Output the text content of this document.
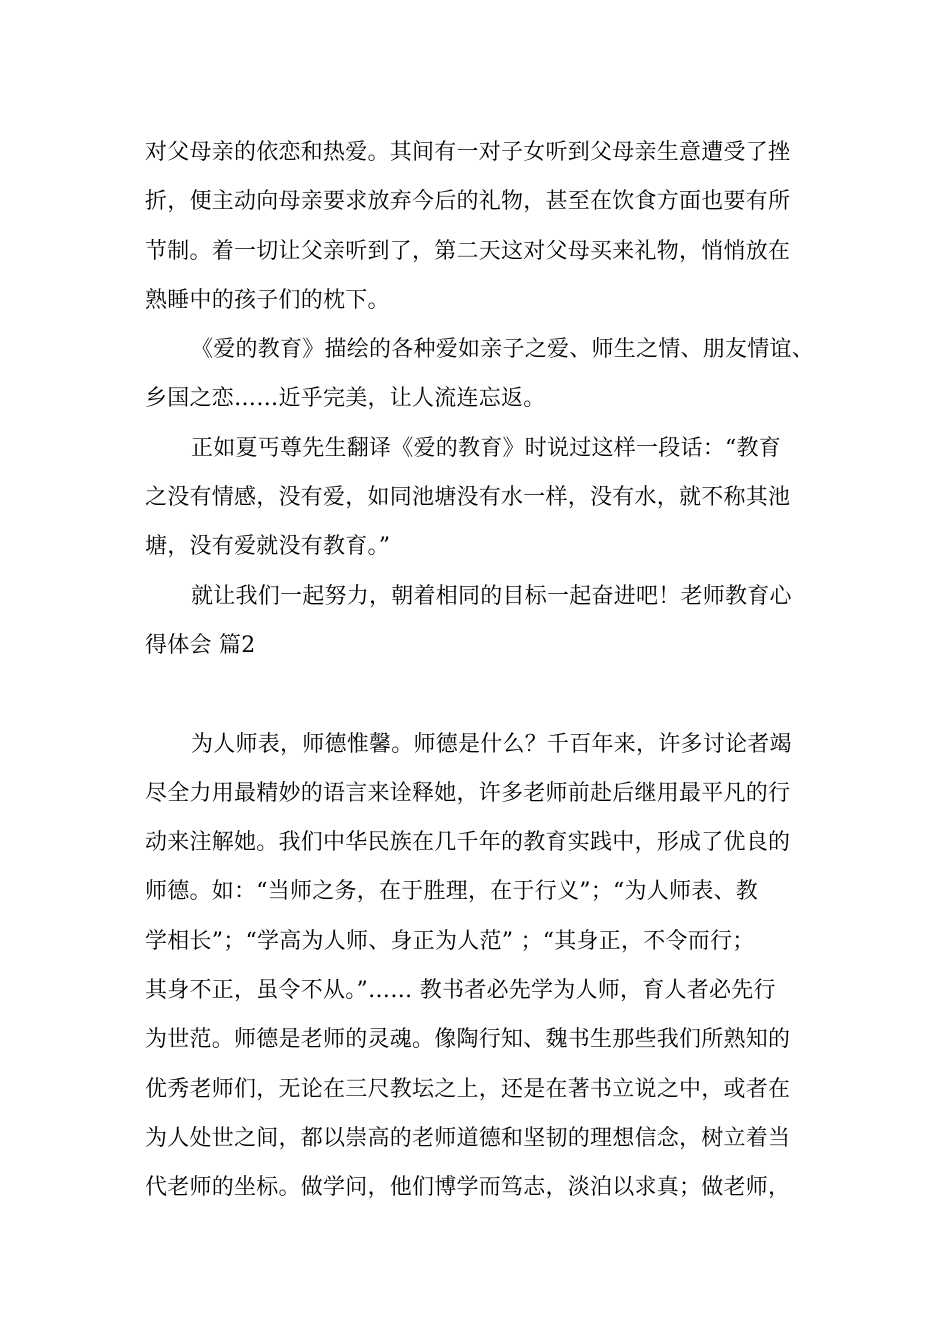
对父母亲的依恋和热爱。其间有一对子女听到父母亲生意遭受了挫
折，便主动向母亲要求放弃今后的礼物，甚至在饮食方面也要有所
节制。着一切让父亲听到了，第二天这对父母买来礼物，悄悄放在
熟睡中的孩子们的枕下。
《爱的教育》描绘的各种爱如亲子之爱、师生之情、朋友情谊、
乡国之恋……近乎完美，让人流连忘返。
正如夏丐尊先生翻译《爱的教育》时说过这样一段话：“教育
之没有情感，没有爱，如同池塘没有水一样，没有水，就不称其池
塘，没有爱就没有教育。”
就让我们一起努力，朝着相同的目标一起奋进吧！老师教育心
得体会 篇2
为人师表，师德惟馨。师德是什么？千百年来，许多讨论者竭
尽全力用最精妙的语言来诠释她，许多老师前赴后继用最平凡的行
动来注解她。我们中华民族在几千年的教育实践中，形成了优良的
师德。如：“当师之务，在于胜理，在于行义”；“为人师表、教
学相长”；“学高为人师、身正为人范” ；“其身正，不令而行；
其身不正，虽令不从。”…… 教书者必先学为人师，育人者必先行
为世范。师德是老师的灵魂。像陶行知、魏书生那些我们所熟知的
优秀老师们，无论在三尺教坛之上，还是在著书立说之中，或者在
为人处世之间，都以崇高的老师道德和坚韧的理想信念，树立着当
代老师的坐标。做学问，他们博学而笃志，淡泊以求真；做老师，
